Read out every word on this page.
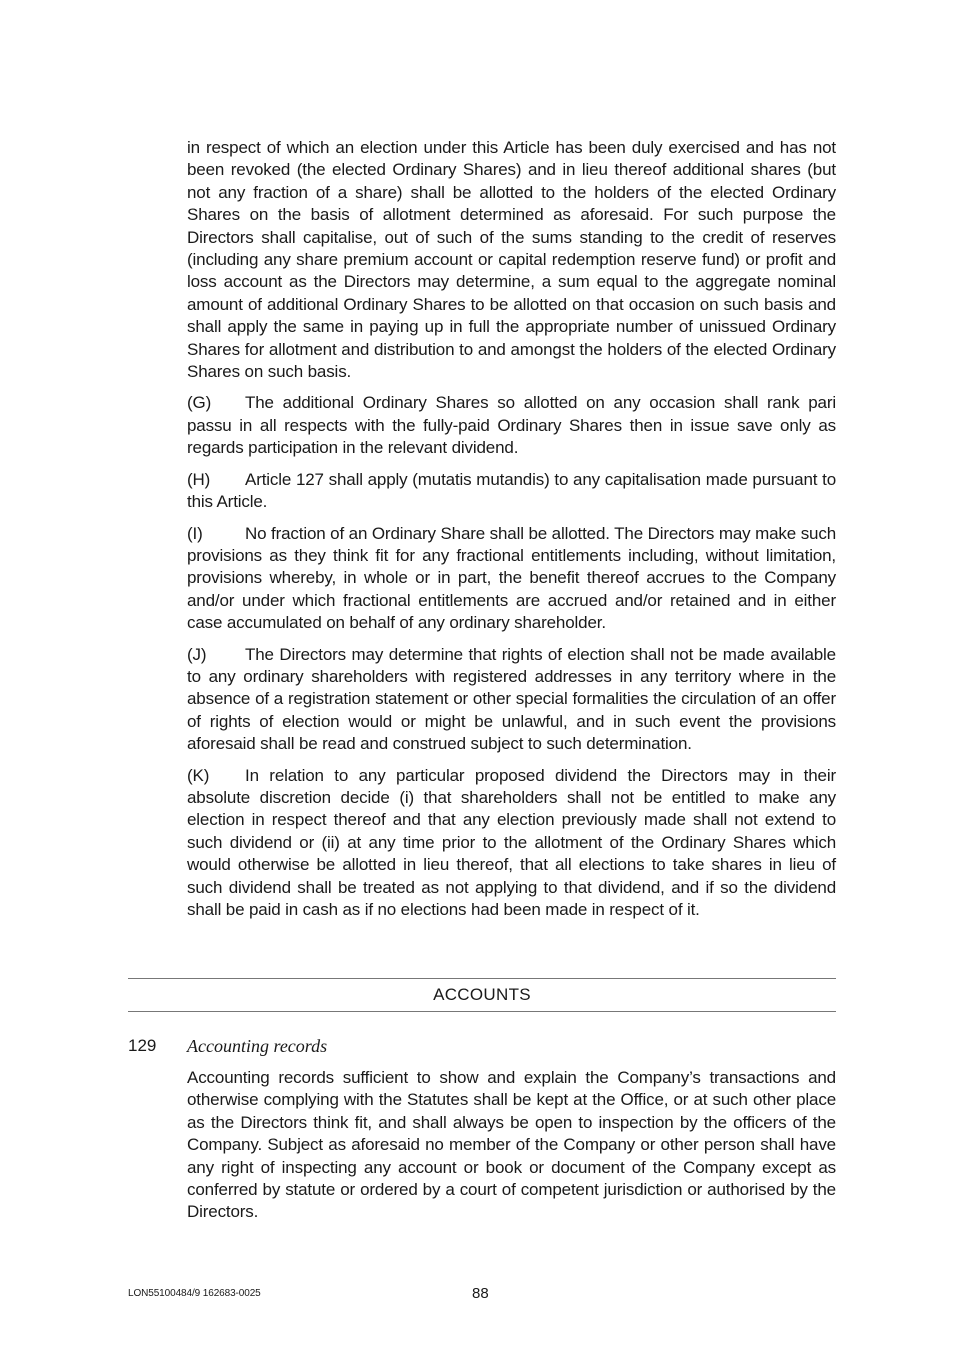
in respect of which an election under this Article has been duly exercised and has not been revoked (the elected Ordinary Shares) and in lieu thereof additional shares (but not any fraction of a share) shall be allotted to the holders of the elected Ordinary Shares on the basis of allotment determined as aforesaid. For such purpose the Directors shall capitalise, out of such of the sums standing to the credit of reserves (including any share premium account or capital redemption reserve fund) or profit and loss account as the Directors may determine, a sum equal to the aggregate nominal amount of additional Ordinary Shares to be allotted on that occasion on such basis and shall apply the same in paying up in full the appropriate number of unissued Ordinary Shares for allotment and distribution to and amongst the holders of the elected Ordinary Shares on such basis.

(G) The additional Ordinary Shares so allotted on any occasion shall rank pari passu in all respects with the fully-paid Ordinary Shares then in issue save only as regards participation in the relevant dividend.

(H) Article 127 shall apply (mutatis mutandis) to any capitalisation made pursuant to this Article.

(I) No fraction of an Ordinary Share shall be allotted. The Directors may make such provisions as they think fit for any fractional entitlements including, without limitation, provisions whereby, in whole or in part, the benefit thereof accrues to the Company and/or under which fractional entitlements are accrued and/or retained and in either case accumulated on behalf of any ordinary shareholder.

(J) The Directors may determine that rights of election shall not be made available to any ordinary shareholders with registered addresses in any territory where in the absence of a registration statement or other special formalities the circulation of an offer of rights of election would or might be unlawful, and in such event the provisions aforesaid shall be read and construed subject to such determination.

(K) In relation to any particular proposed dividend the Directors may in their absolute discretion decide (i) that shareholders shall not be entitled to make any election in respect thereof and that any election previously made shall not extend to such dividend or (ii) at any time prior to the allotment of the Ordinary Shares which would otherwise be allotted in lieu thereof, that all elections to take shares in lieu of such dividend shall be treated as not applying to that dividend, and if so the dividend shall be paid in cash as if no elections had been made in respect of it.

ACCOUNTS
129 Accounting records

Accounting records sufficient to show and explain the Company’s transactions and otherwise complying with the Statutes shall be kept at the Office, or at such other place as the Directors think fit, and shall always be open to inspection by the officers of the Company. Subject as aforesaid no member of the Company or other person shall have any right of inspecting any account or book or document of the Company except as conferred by statute or ordered by a court of competent jurisdiction or authorised by the Directors.

LON55100484/9 162683-0025	88
